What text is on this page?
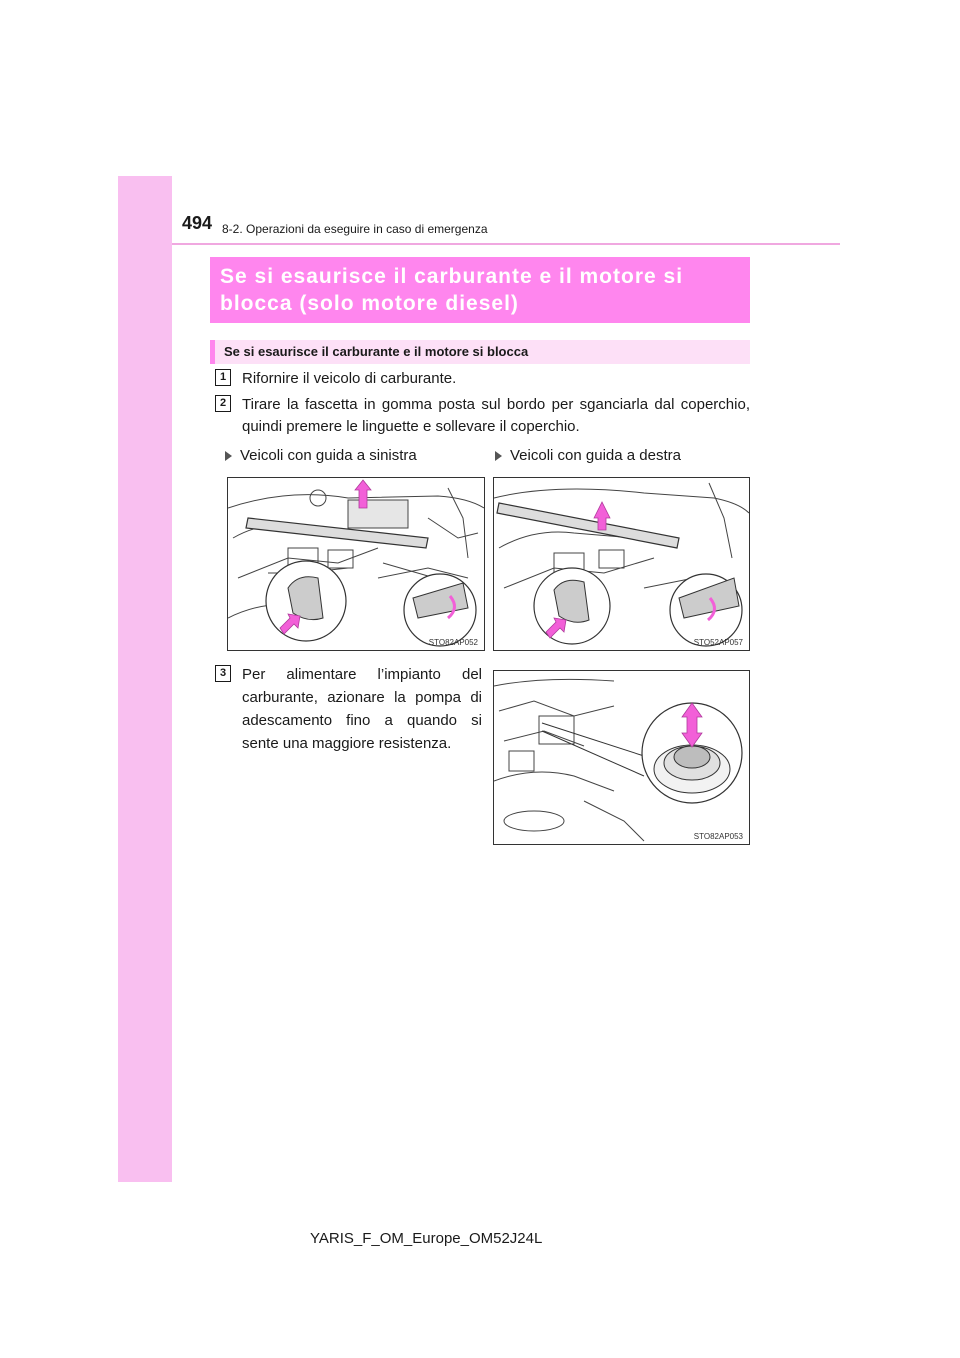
494 8-2. Operazioni da eseguire in caso di emergenza
Se si esaurisce il carburante e il motore si
blocca (solo motore diesel)
Se si esaurisce il carburante e il motore si blocca
1	Rifornire il veicolo di carburante.
2	Tirare la fascetta in gomma posta sul bordo per sganciarla dal coperchio,
quindi premere le linguette e sollevare il coperchio.
Veicoli con guida a sinistra	Veicoli con guida a destra
STO82AP052	STO52AP057
3	Per alimentare l’impianto del
carburante, azionare la pompa di
adescamento fino a quando si
sente una maggiore resistenza.
STO82AP053
YARIS_F_OM_Europe_OM52J24L
